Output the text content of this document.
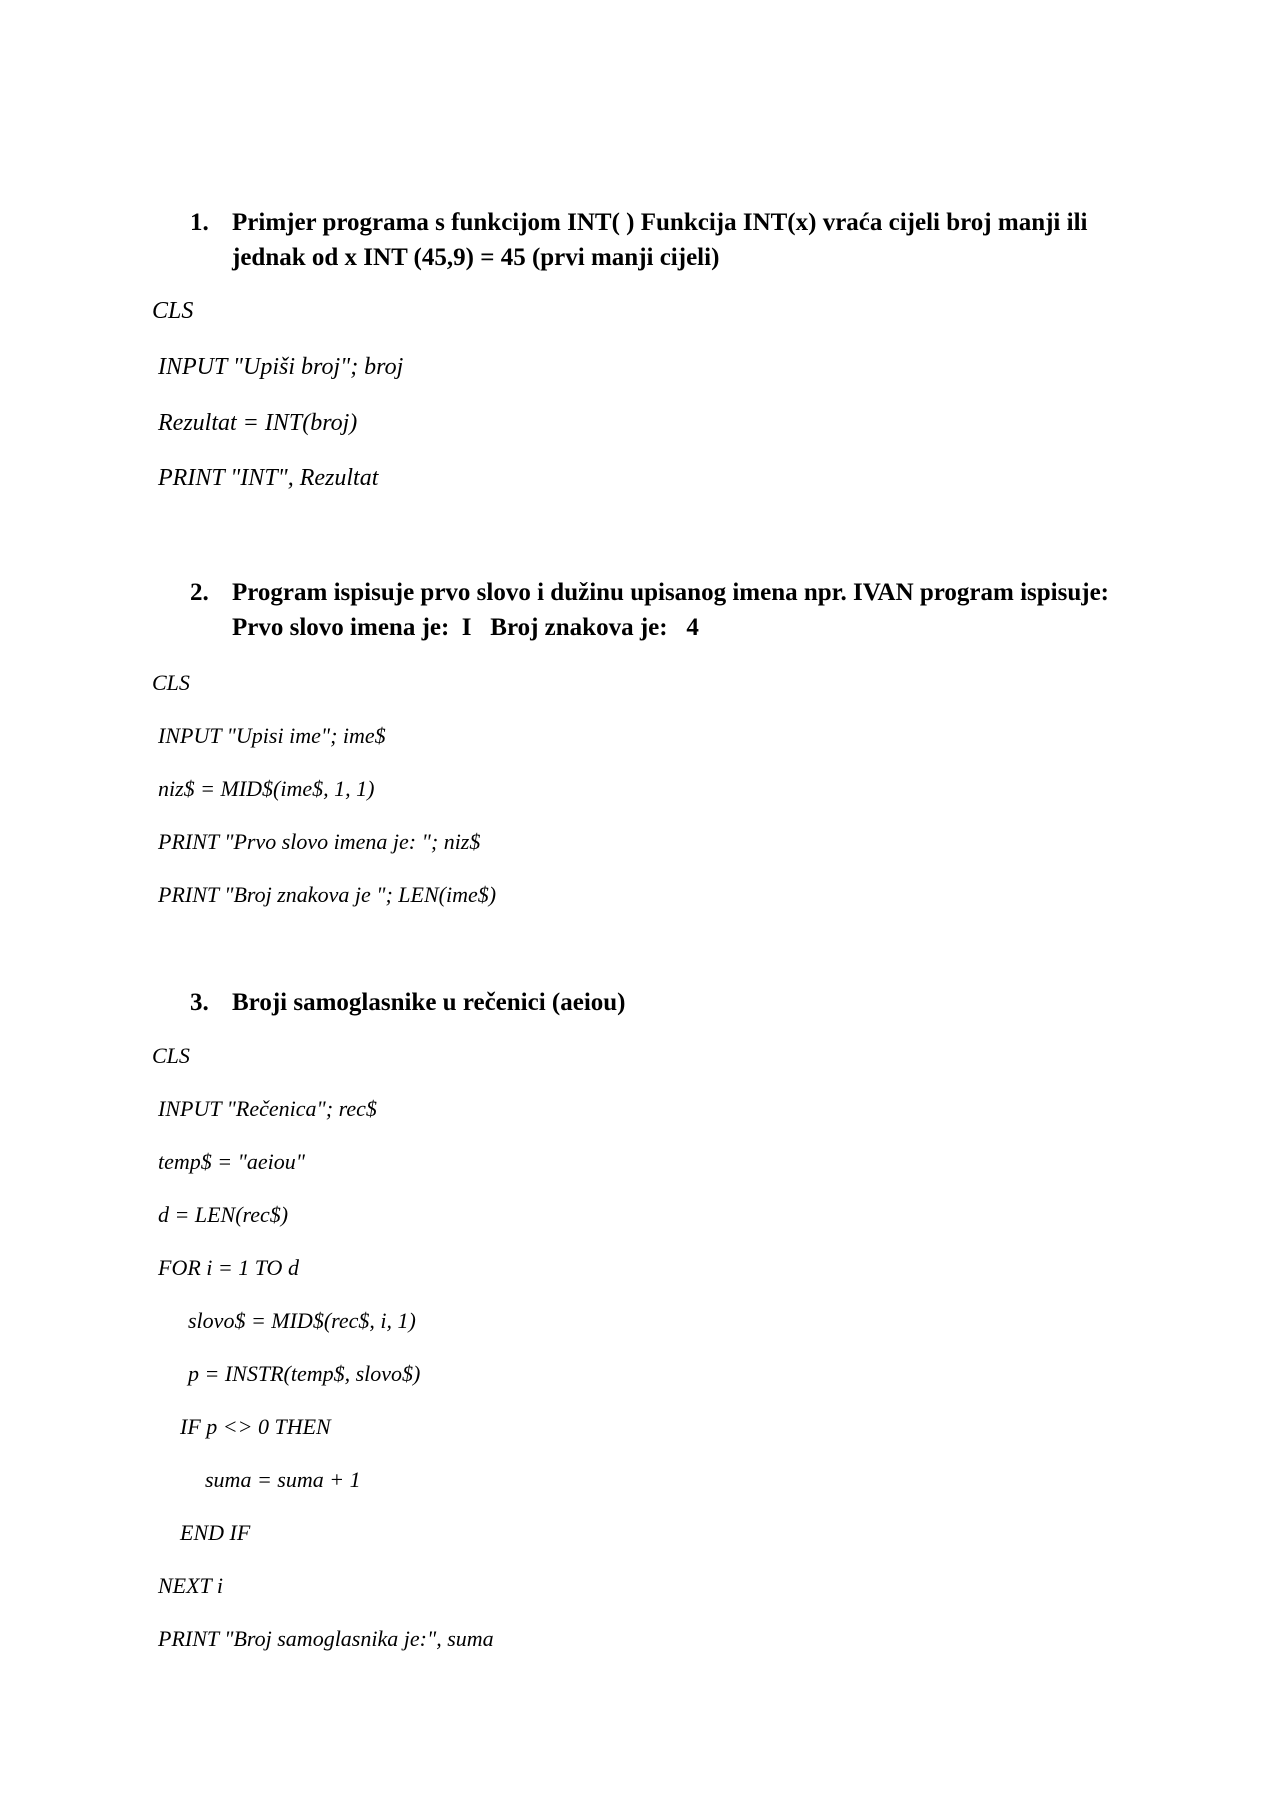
1. Primjer programa s funkcijom INT( ) Funkcija INT(x) vraća cijeli broj manji ili jednak od x INT (45,9) = 45 (prvi manji cijeli)
CLS
INPUT "Upiši broj"; broj
Rezultat = INT(broj)
PRINT "INT", Rezultat
2. Program ispisuje prvo slovo i dužinu upisanog imena npr. IVAN program ispisuje:    Prvo slovo imena je:  I   Broj znakova je:   4
CLS
INPUT "Upisi ime"; ime$
niz$ = MID$(ime$, 1, 1)
PRINT "Prvo slovo imena je: "; niz$
PRINT "Broj znakova je "; LEN(ime$)
3. Broji samoglasnike u rečenici (aeiou)
CLS
INPUT "Rečenica"; rec$
temp$ = "aeiou"
d = LEN(rec$)
FOR i = 1 TO d
slovo$ = MID$(rec$, i, 1)
p = INSTR(temp$, slovo$)
IF p <> 0 THEN
suma = suma + 1
END IF
NEXT i
PRINT "Broj samoglasnika je:", suma
